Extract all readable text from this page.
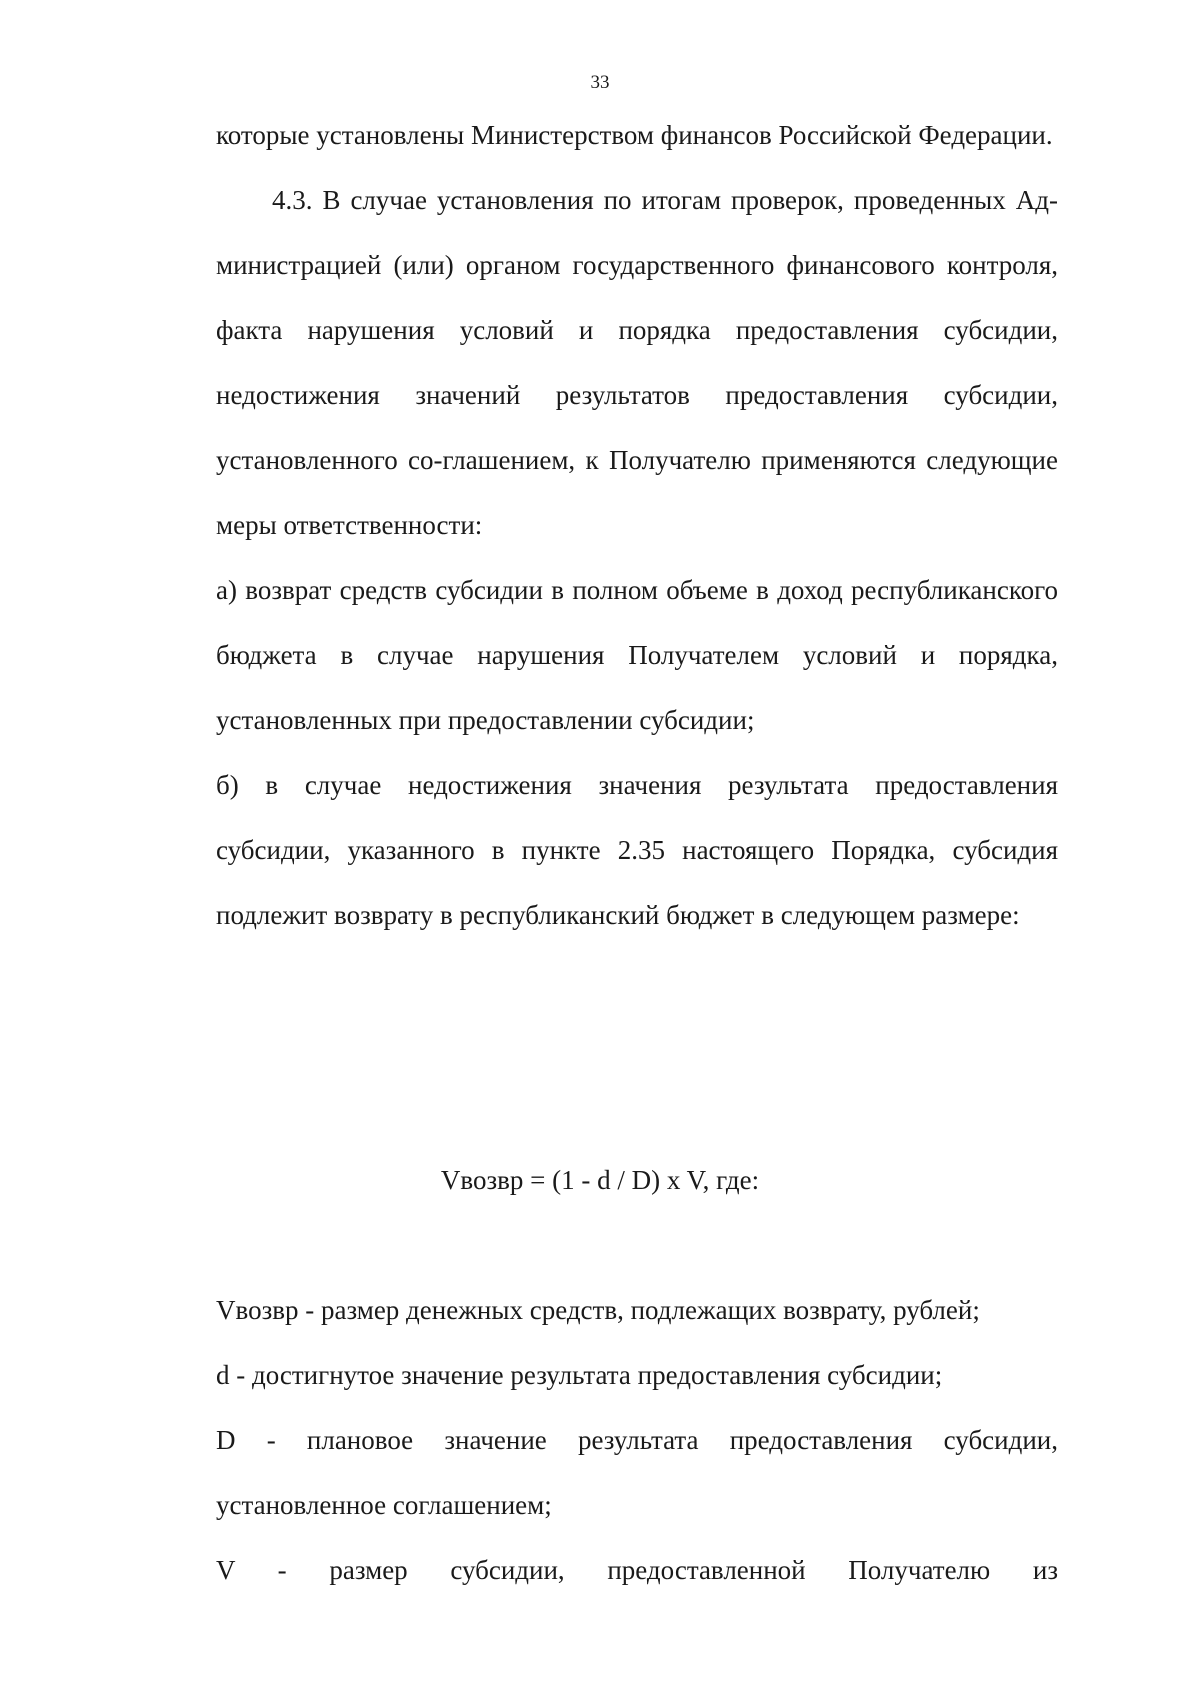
33

которые установлены Министерством финансов Российской Федерации.

4.3. В случае установления по итогам проверок, проведенных Ад-министрацией (или) органом государственного финансового контроля, факта нарушения условий и порядка предоставления субсидии, недостижения значений результатов предоставления субсидии, установленного со-глашением, к Получателю применяются следующие меры ответственности:

а) возврат средств субсидии в полном объеме в доход республиканского бюджета в случае нарушения Получателем условий и порядка, установленных при предоставлении субсидии;

б) в случае недостижения значения результата предоставления субсидии, указанного в пункте 2.35 настоящего Порядка, субсидия подлежит возврату в республиканский бюджет в следующем размере:

Vвозвр = (1 - d / D) x V, где:

Vвозвр - размер денежных средств, подлежащих возврату, рублей;

d - достигнутое значение результата предоставления субсидии;

D - плановое значение результата предоставления субсидии, установленное соглашением;

V - размер субсидии, предоставленной Получателю из
